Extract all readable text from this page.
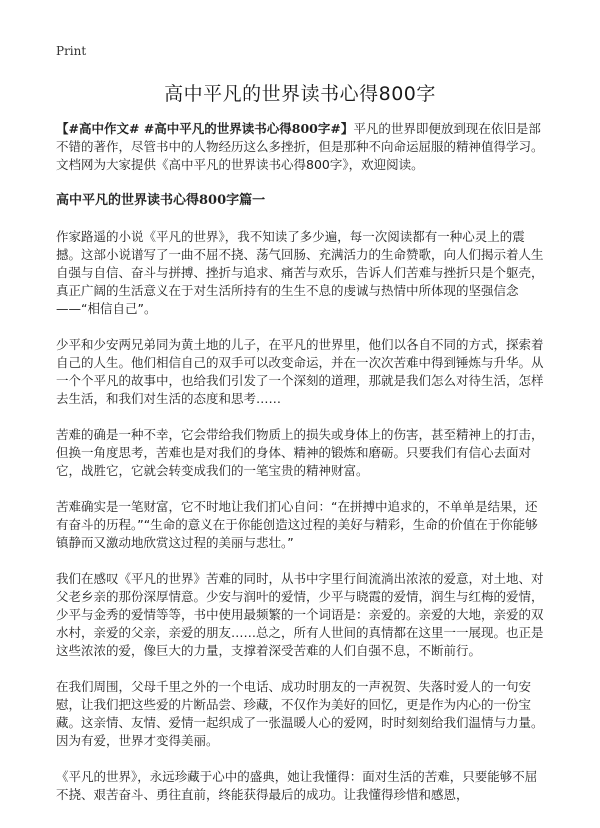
Print
高中平凡的世界读书心得800字

【#高中作文# #高中平凡的世界读书心得800字#】平凡的世界即便放到现在依旧是部不错的著作，尽管书中的人物经历这么多挫折，但是那种不向命运屈服的精神值得学习。文档网为大家提供《高中平凡的世界读书心得800字》，欢迎阅读。

高中平凡的世界读书心得800字篇一

作家路遥的小说《平凡的世界》，我不知读了多少遍，每一次阅读都有一种心灵上的震撼。这部小说谱写了一曲不屈不挠、荡气回肠、充满活力的生命赞歌，向人们揭示着人生自强与自信、奋斗与拼搏、挫折与追求、痛苦与欢乐，告诉人们苦难与挫折只是个躯壳，真正广阔的生活意义在于对生活所持有的生生不息的虔诚与热情中所体现的坚强信念——“相信自己”。

少平和少安两兄弟同为黄土地的儿子，在平凡的世界里，他们以各自不同的方式，探索着自己的人生。他们相信自己的双手可以改变命运，并在一次次苦难中得到锤炼与升华。从一个个平凡的故事中，也给我们引发了一个深刻的道理，那就是我们怎么对待生活，怎样去生活，和我们对生活的态度和思考……

苦难的确是一种不幸，它会带给我们物质上的损失或身体上的伤害，甚至精神上的打击，但换一角度思考，苦难也是对我们的身体、精神的锻炼和磨砺。只要我们有信心去面对它，战胜它，它就会转变成我们的一笔宝贵的精神财富。

苦难确实是一笔财富，它不时地让我们扪心自问：“在拼搏中追求的，不单单是结果，还有奋斗的历程。”“生命的意义在于你能创造这过程的美好与精彩，生命的价值在于你能够镇静而又激动地欣赏这过程的美丽与悲壮。”

我们在感叹《平凡的世界》苦难的同时，从书中字里行间流淌出浓浓的爱意，对土地、对父老乡亲的那份深厚情意。少安与润叶的爱情，少平与晓霞的爱情，润生与红梅的爱情，少平与金秀的爱情等等，书中使用最频繁的一个词语是：亲爱的。亲爱的大地，亲爱的双水村，亲爱的父亲，亲爱的朋友……总之，所有人世间的真情都在这里一一展现。也正是这些浓浓的爱，像巨大的力量，支撑着深受苦难的人们自强不息，不断前行。

在我们周围，父母千里之外的一个电话、成功时朋友的一声祝贺、失落时爱人的一句安慰，让我们把这些爱的片断品尝、珍藏，不仅作为美好的回忆，更是作为内心的一份宝藏。这亲情、友情、爱情一起织成了一张温暖人心的爱网，时时刻刻给我们温情与力量。因为有爱，世界才变得美丽。

《平凡的世界》，永远珍藏于心中的盛典，她让我懂得：面对生活的苦难，只要能够不屈不挠、艰苦奋斗、勇往直前，终能获得最后的成功。让我懂得珍惜和感恩，
